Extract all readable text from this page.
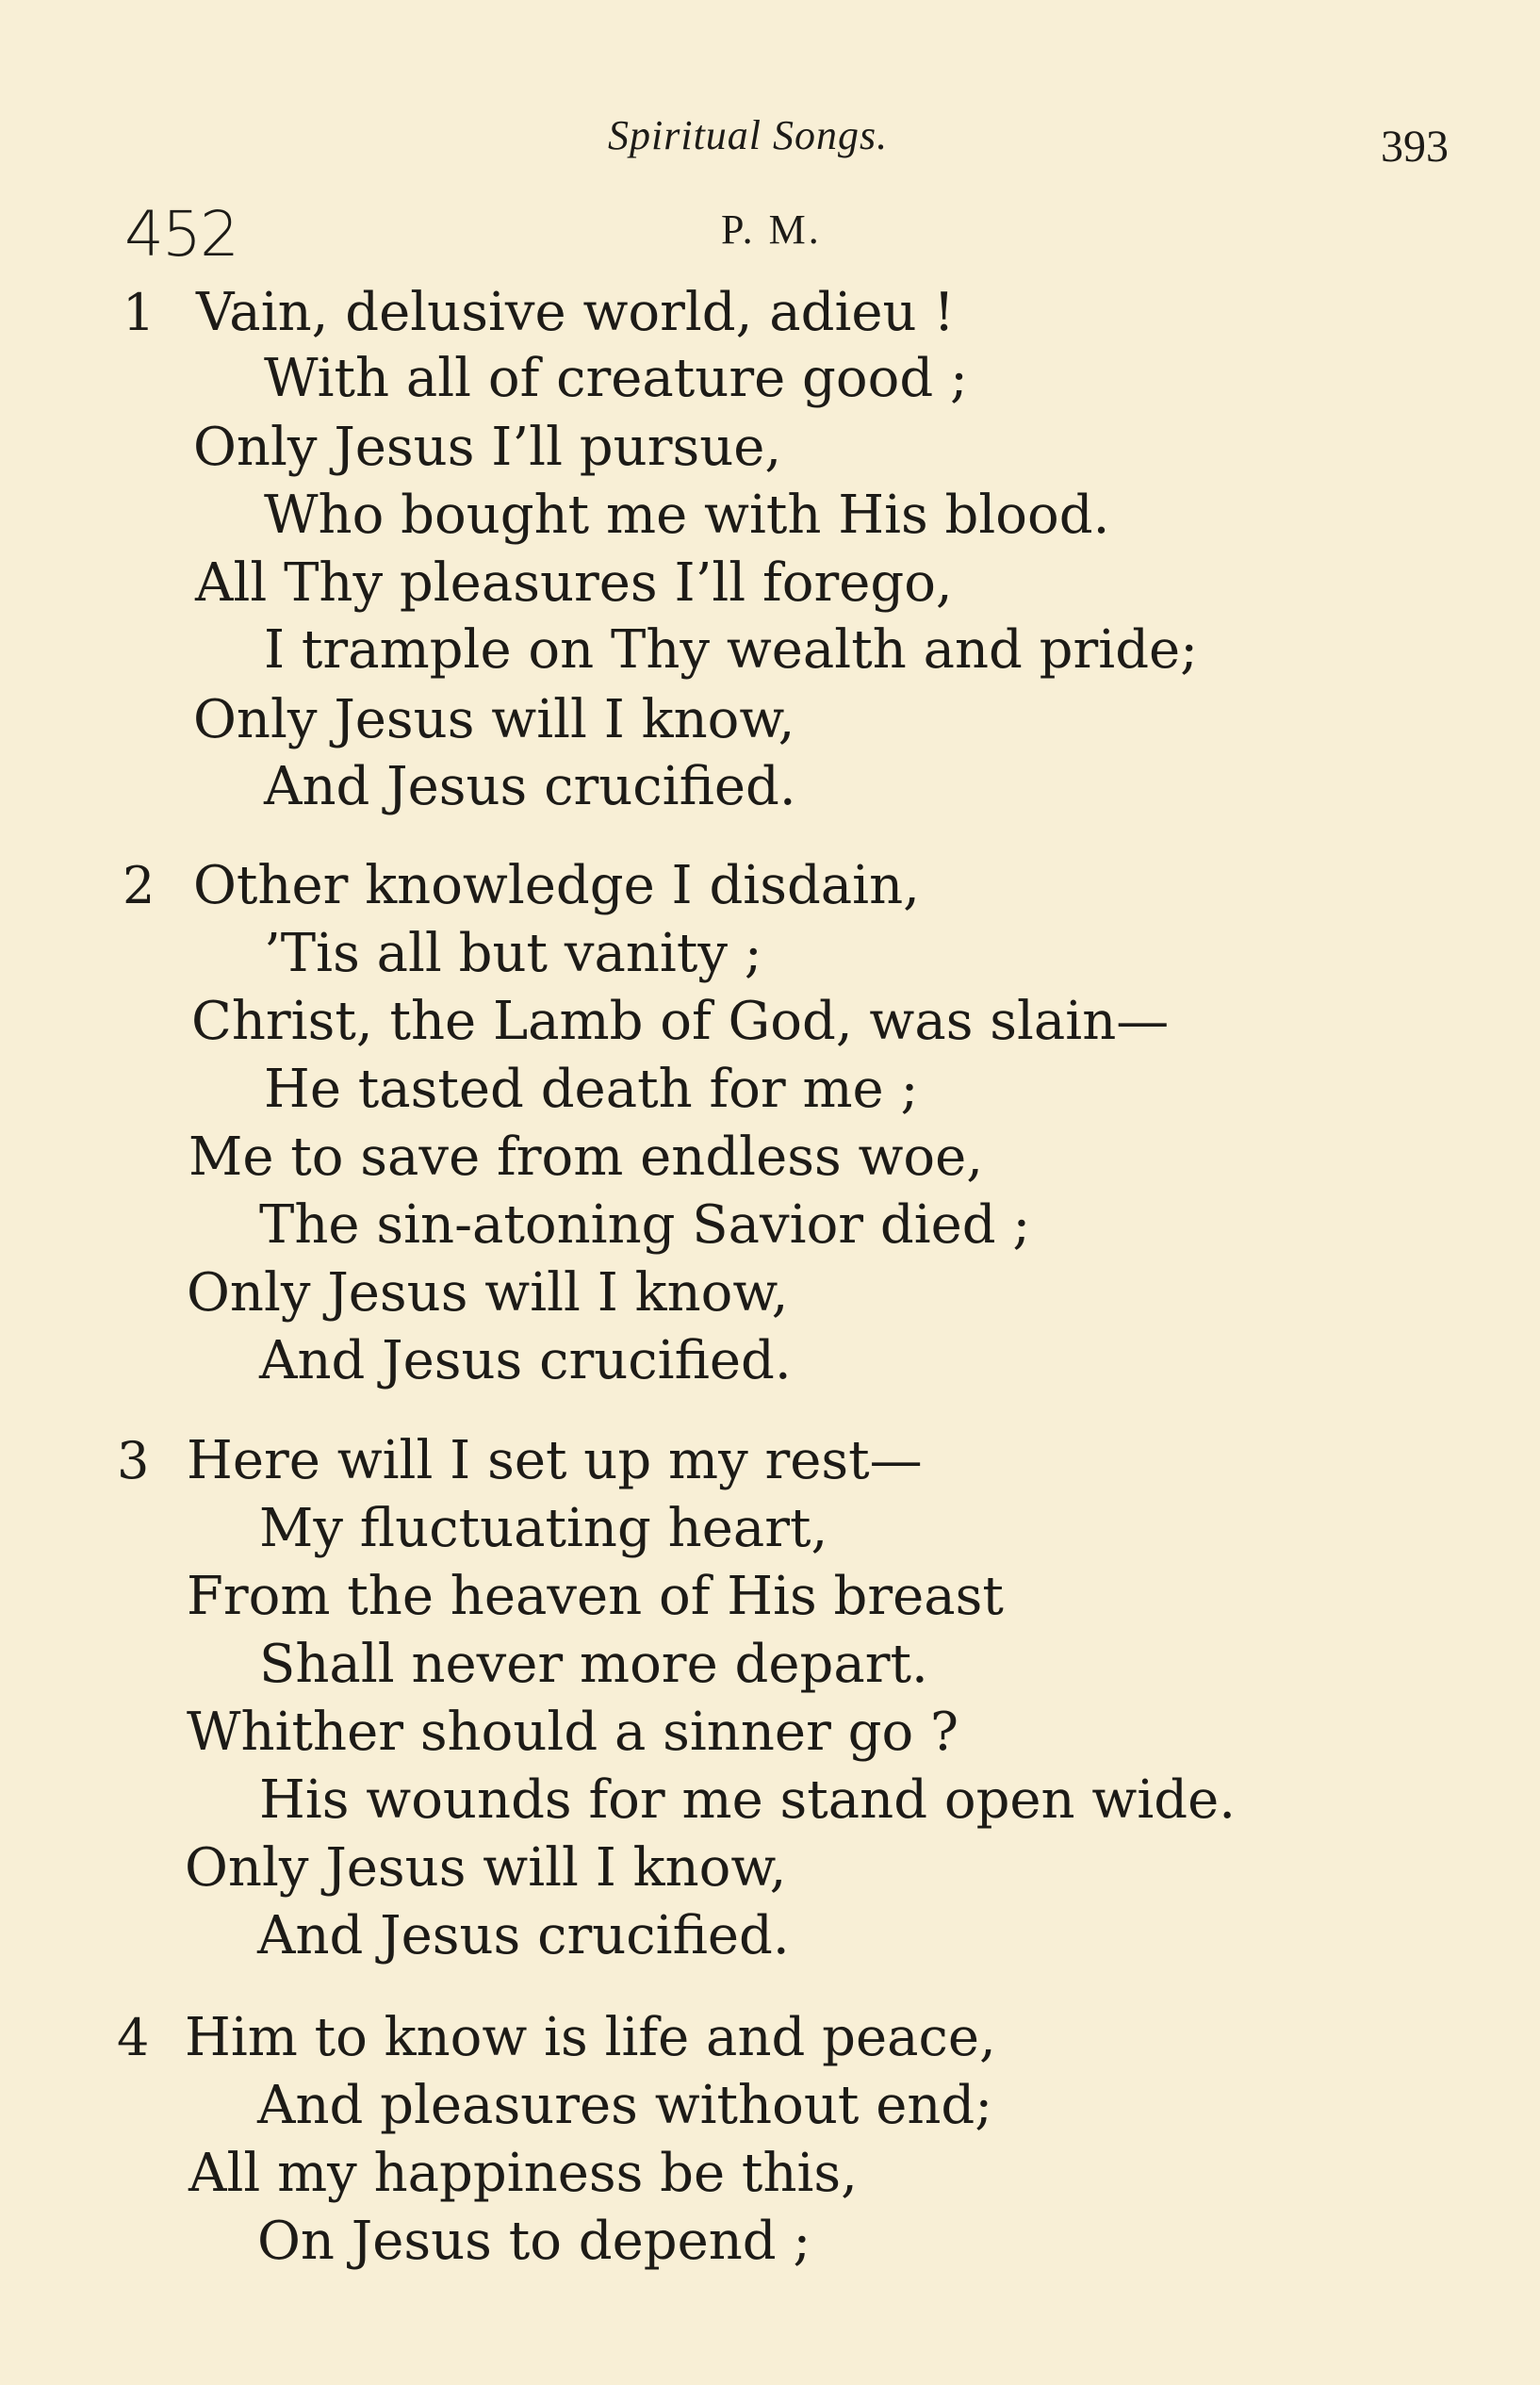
Spiritual Songs.	393
452	P. M.
1 Vain, delusive world, adieu !
With all of creature good ;
Only Jesus I’ll pursue,
Who bought me with His blood.
All Thy pleasures I’ll forego,
I trample on Thy wealth and pride;
Only Jesus will I know,
And Jesus crucified.
2 Other knowledge I disdain,
’Tis all but vanity ;
Christ, the Lamb of God, was slain—
He tasted death for me ;
Me to save from endless woe,
The sin-atoning Savior died ;
Only Jesus will I know,
And Jesus crucified.
3 Here will I set up my rest—
My fluctuating heart,
From the heaven of His breast
Shall never more depart.
Whither should a sinner go ?
His wounds for me stand open wide.
Only Jesus will I know,
And Jesus crucified.
4 Him to know is life and peace,
And pleasures without end;
All my happiness be this,
On Jesus to depend ;
